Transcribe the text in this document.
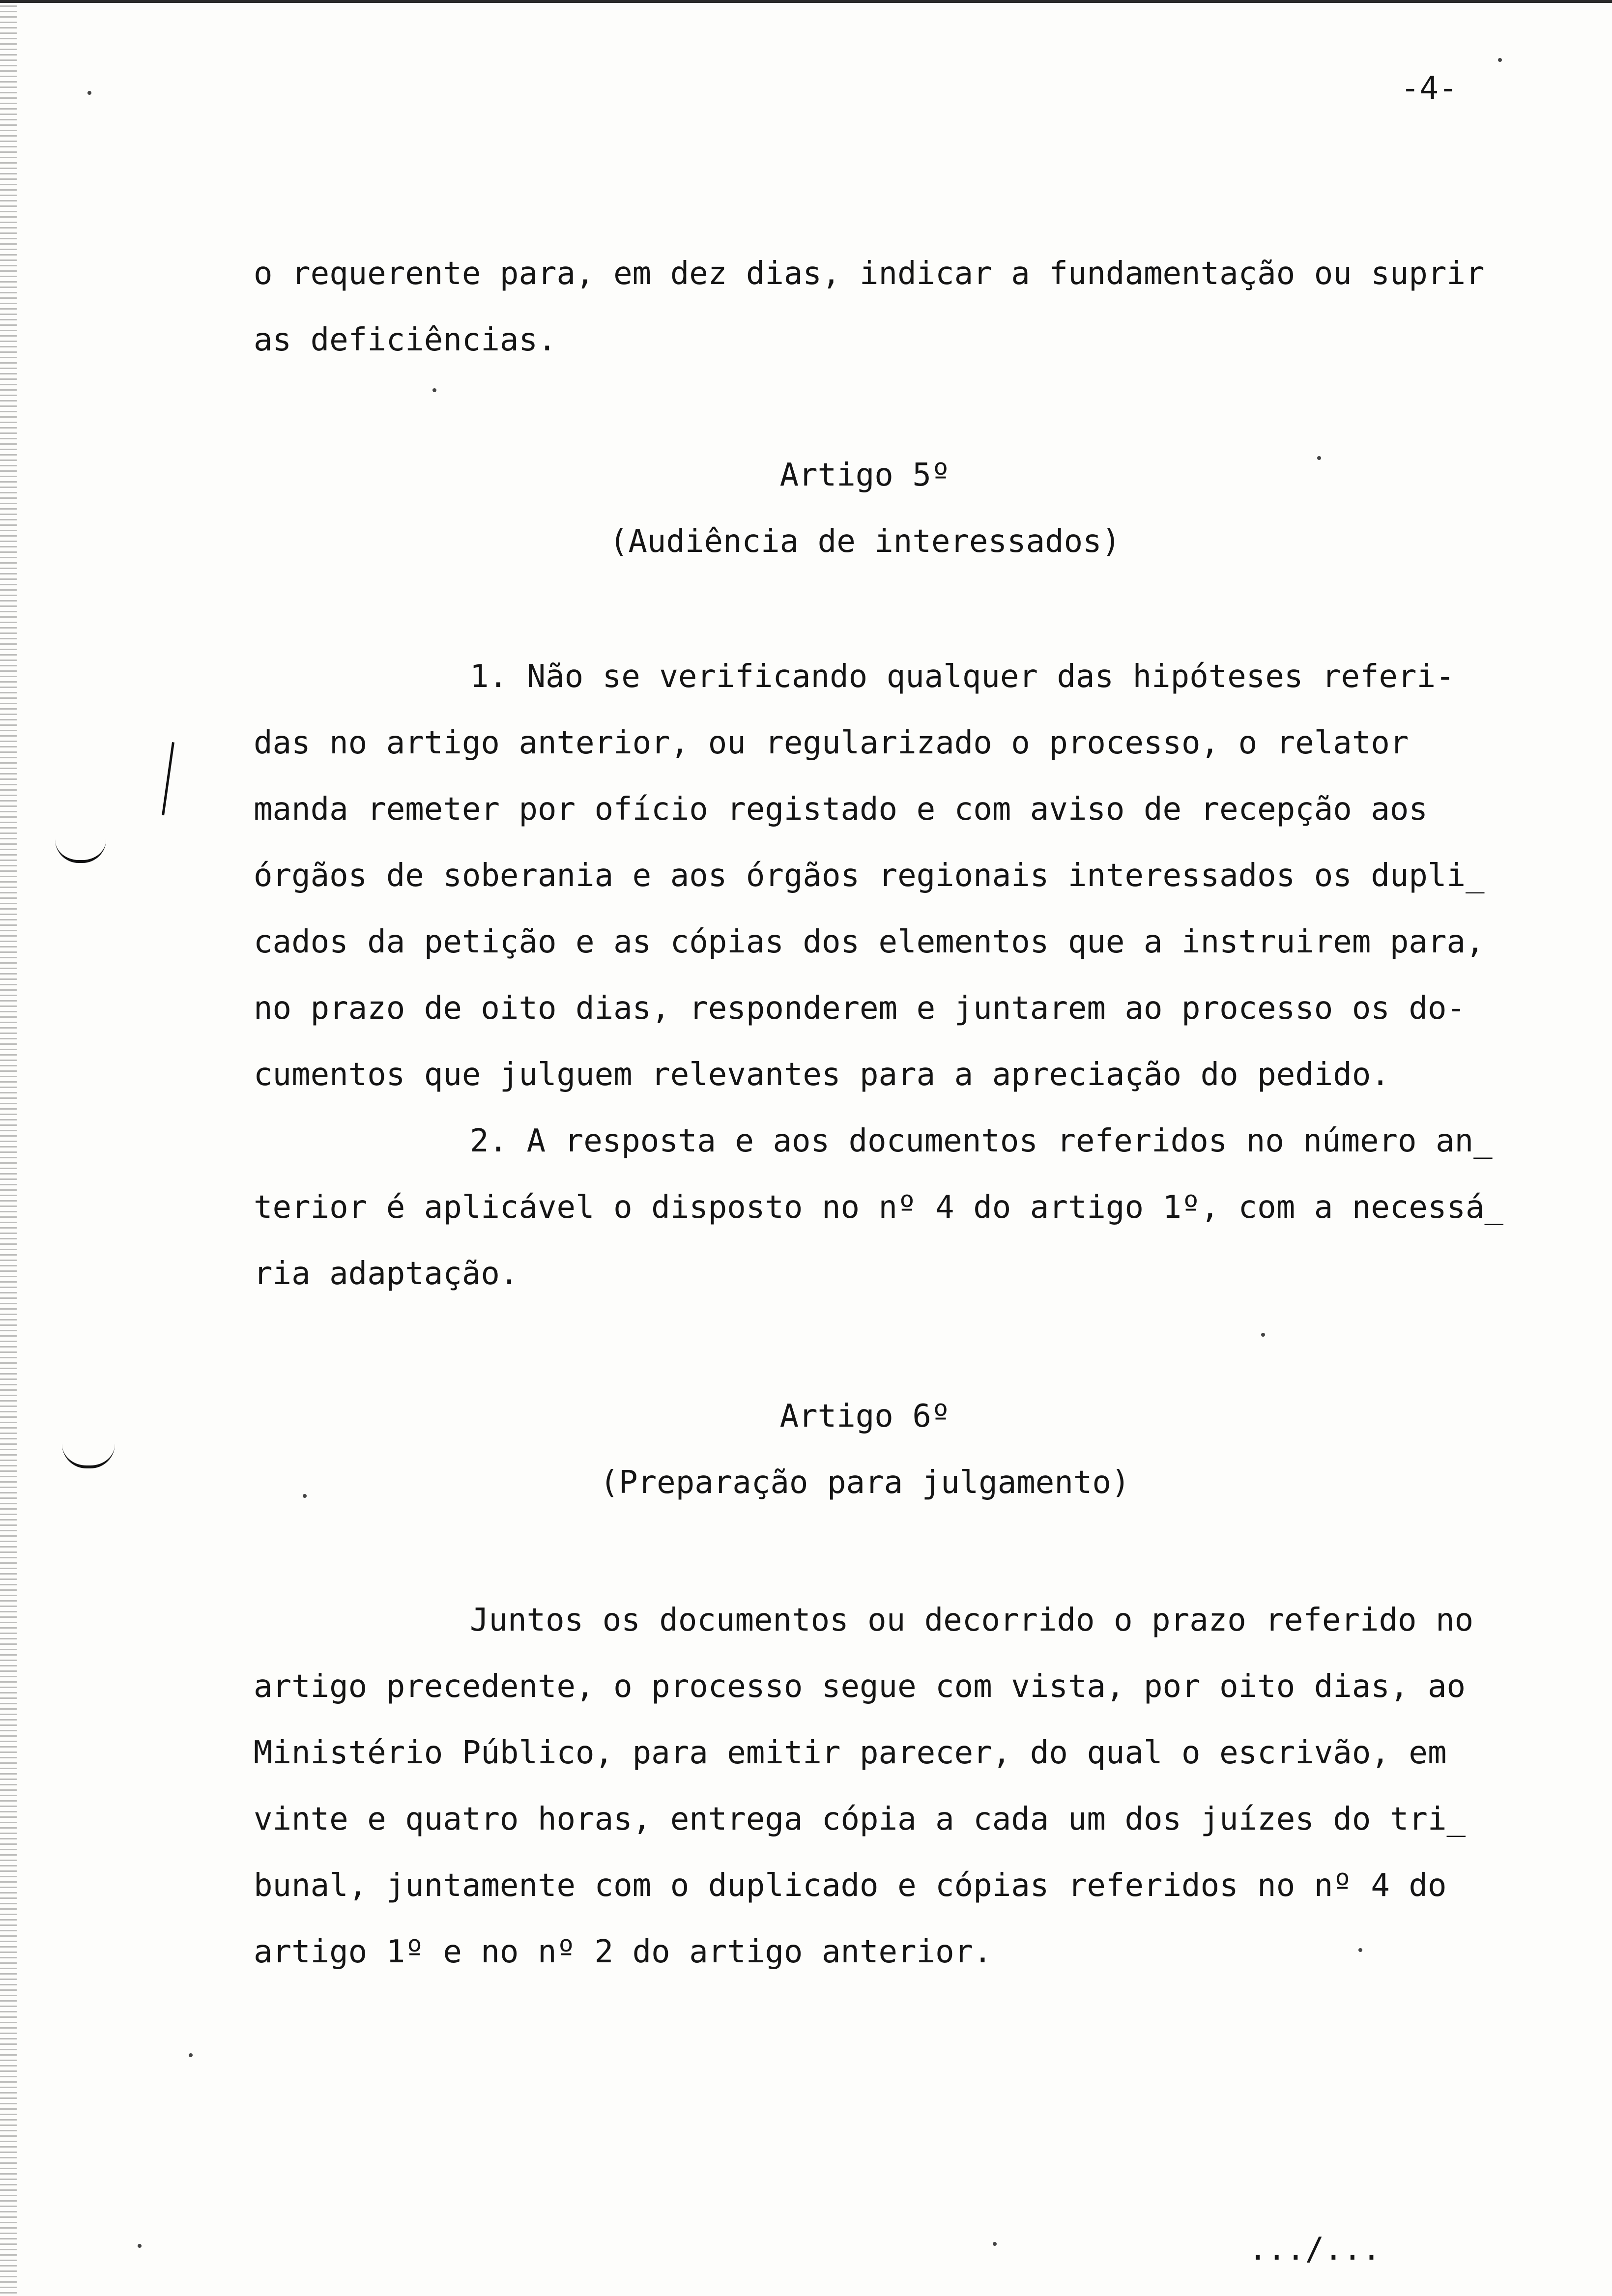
-4-
o requerente para, em dez dias, indicar a fundamentação ou suprir
as deficiências.
Artigo 5º
(Audiência de interessados)
1. Não se verificando qualquer das hipóteses referi-
das no artigo anterior, ou regularizado o processo, o relator
manda remeter por ofício registado e com aviso de recepção aos
órgãos de soberania e aos órgãos regionais interessados os dupli̲
cados da petição e as cópias dos elementos que a instruirem para,
no prazo de oito dias, responderem e juntarem ao processo os do-
cumentos que julguem relevantes para a apreciação do pedido.
2. A resposta e aos documentos referidos no número an̲
terior é aplicável o disposto no nº 4 do artigo 1º, com a necessá̲
ria adaptação.
Artigo 6º
(Preparação para julgamento)
Juntos os documentos ou decorrido o prazo referido no
artigo precedente, o processo segue com vista, por oito dias, ao
Ministério Público, para emitir parecer, do qual o escrivão, em
vinte e quatro horas, entrega cópia a cada um dos juízes do tri̲
bunal, juntamente com o duplicado e cópias referidos no nº 4 do
artigo 1º e no nº 2 do artigo anterior.
.../...
